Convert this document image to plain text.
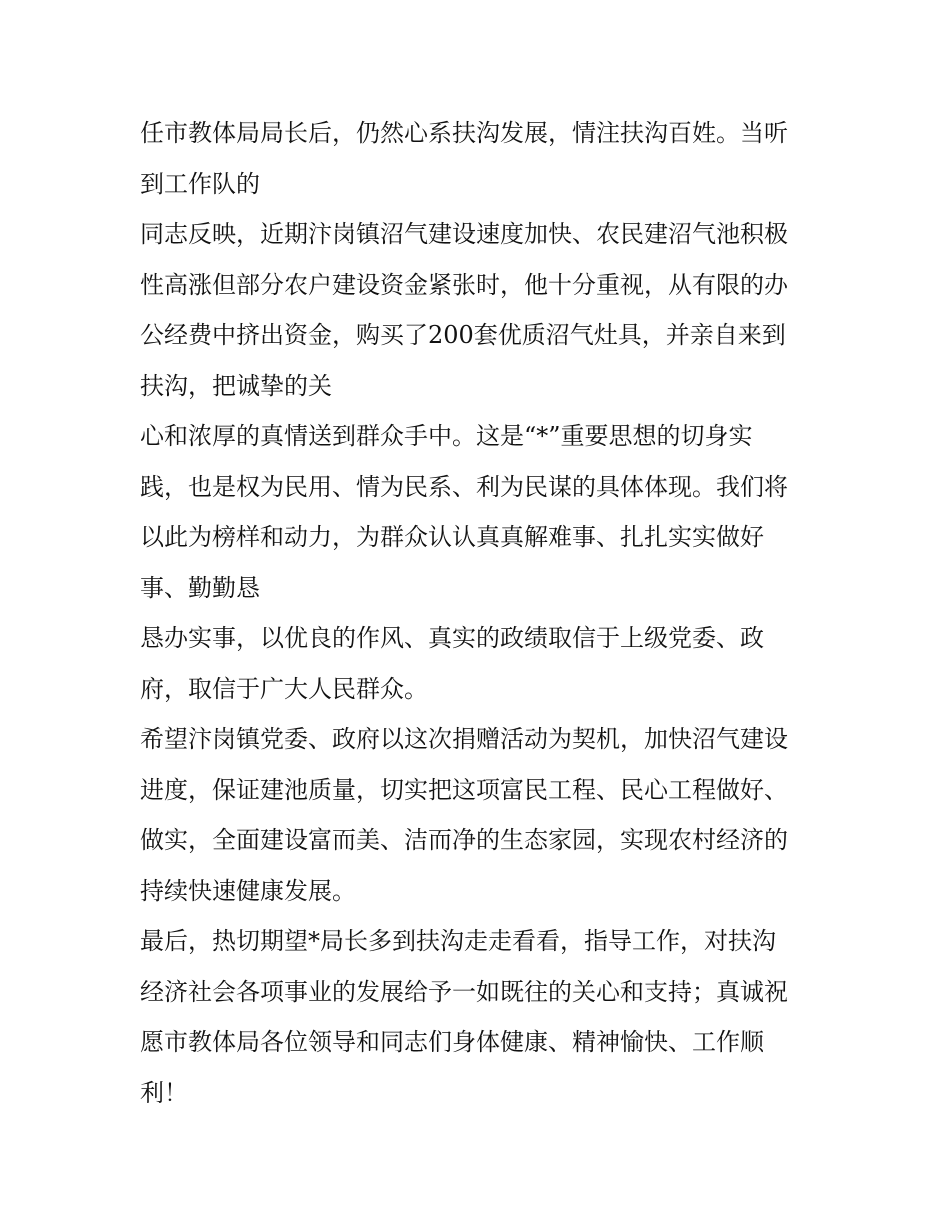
任市教体局局长后，仍然心系扶沟发展，情注扶沟百姓。当听
到工作队的
同志反映，近期汴岗镇沼气建设速度加快、农民建沼气池积极
性高涨但部分农户建设资金紧张时，他十分重视，从有限的办
公经费中挤出资金，购买了200套优质沼气灶具，并亲自来到
扶沟，把诚挚的关
心和浓厚的真情送到群众手中。这是“*”重要思想的切身实
践，也是权为民用、情为民系、利为民谋的具体体现。我们将
以此为榜样和动力，为群众认认真真解难事、扎扎实实做好
事、勤勤恳
恳办实事，以优良的作风、真实的政绩取信于上级党委、政
府，取信于广大人民群众。
希望汴岗镇党委、政府以这次捐赠活动为契机，加快沼气建设
进度，保证建池质量，切实把这项富民工程、民心工程做好、
做实，全面建设富而美、洁而净的生态家园，实现农村经济的
持续快速健康发展。
最后，热切期望*局长多到扶沟走走看看，指导工作，对扶沟
经济社会各项事业的发展给予一如既往的关心和支持；真诚祝
愿市教体局各位领导和同志们身体健康、精神愉快、工作顺
利！
